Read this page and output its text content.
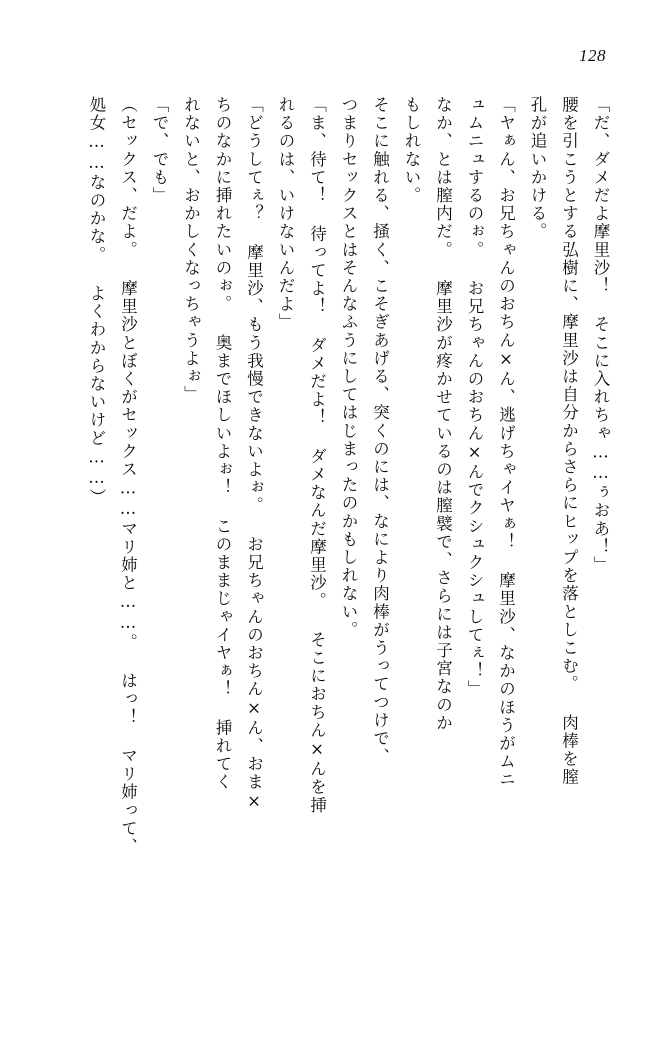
128

「だ、ダメだよ摩里沙！ そこに入れちゃ……ぅおあ！」

腰を引こうとする弘樹に、摩里沙は自分からさらにヒップを落としこむ。 肉棒を膣

孔が追いかける。

「ヤぁん、お兄ちゃんのおちん×ん、逃げちゃイヤぁ！ 摩里沙、なかのほうがムニ

ュムニュするのぉ。 お兄ちゃんのおちん×んでクシュクシュしてぇ！」

なか、とは膣内だ。 摩里沙が疼かせているのは膣襞で、さらには子宮なのか

もしれない。

そこに触れる、掻く、こそぎあげる、突くのには、なにより肉棒がうってつけで、

つまりセックスとはそんなふうにしてはじまったのかもしれない。

「ま、待て！ 待ってよ！ ダメだよ！ ダメなんだ摩里沙。 そこにおちん×んを挿

れるのは、いけないんだよ」

「どうしてぇ？ 摩里沙、もう我慢できないよぉ。 お兄ちゃんのおちん×ん、おま×

ちのなかに挿れたいのぉ。 奥までほしいよぉ！ このままじゃイヤぁ！ 挿れてく

れないと、おかしくなっちゃうよぉ」

「で、でも」

（セックス、だよ。 摩里沙とぼくがセックス……マリ姉と……。 はっ！ マリ姉って、

処女……なのかな。 よくわからないけど……）
